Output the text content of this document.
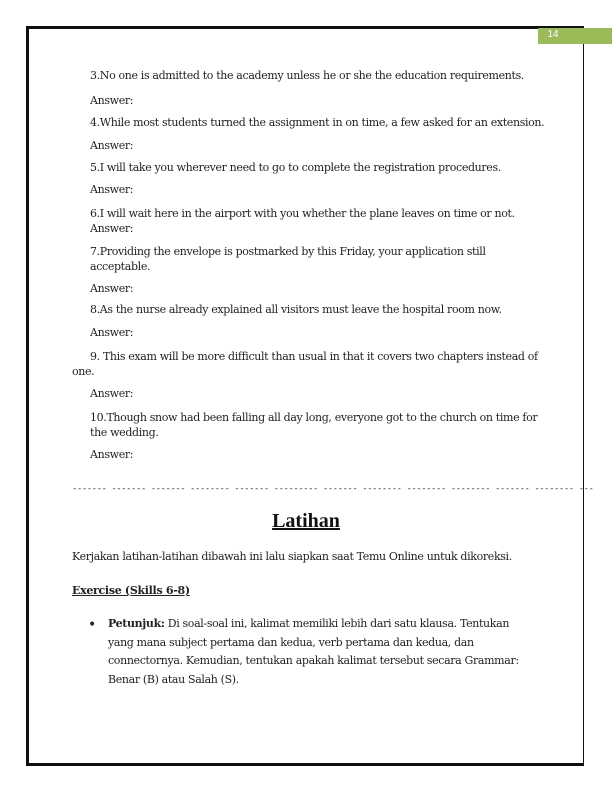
14
3.No one is admitted to the academy unless he or she the education requirements.
Answer:
4.While most students turned the assignment in on time, a few asked for an extension.
Answer:
5.I will take you wherever need to go to complete the registration procedures.
Answer:
6.I will wait here in the airport with you whether the plane leaves on time or not.
Answer:
7.Providing the envelope is postmarked by this Friday, your application still
acceptable.
Answer:
8.As the nurse already explained all visitors must leave the hospital room now.
Answer:
9. This exam will be more difficult than usual in that it covers two chapters instead of
one.
Answer:
10.Though snow had been falling all day long, everyone got to the church on time for
the wedding.
Answer:
------- ------- ------- -------- ------- --------- ------- -------- -------- -------- ------- -------- ---
Latihan
Kerjakan latihan-latihan dibawah ini lalu siapkan saat Temu Online untuk dikoreksi.
Exercise (Skills 6-8)
• Petunjuk: Di soal-soal ini, kalimat memiliki lebih dari satu klausa. Tentukan yang mana subject pertama dan kedua, verb pertama dan kedua, dan connectornya. Kemudian, tentukan apakah kalimat tersebut secara Grammar: Benar (B) atau Salah (S).
